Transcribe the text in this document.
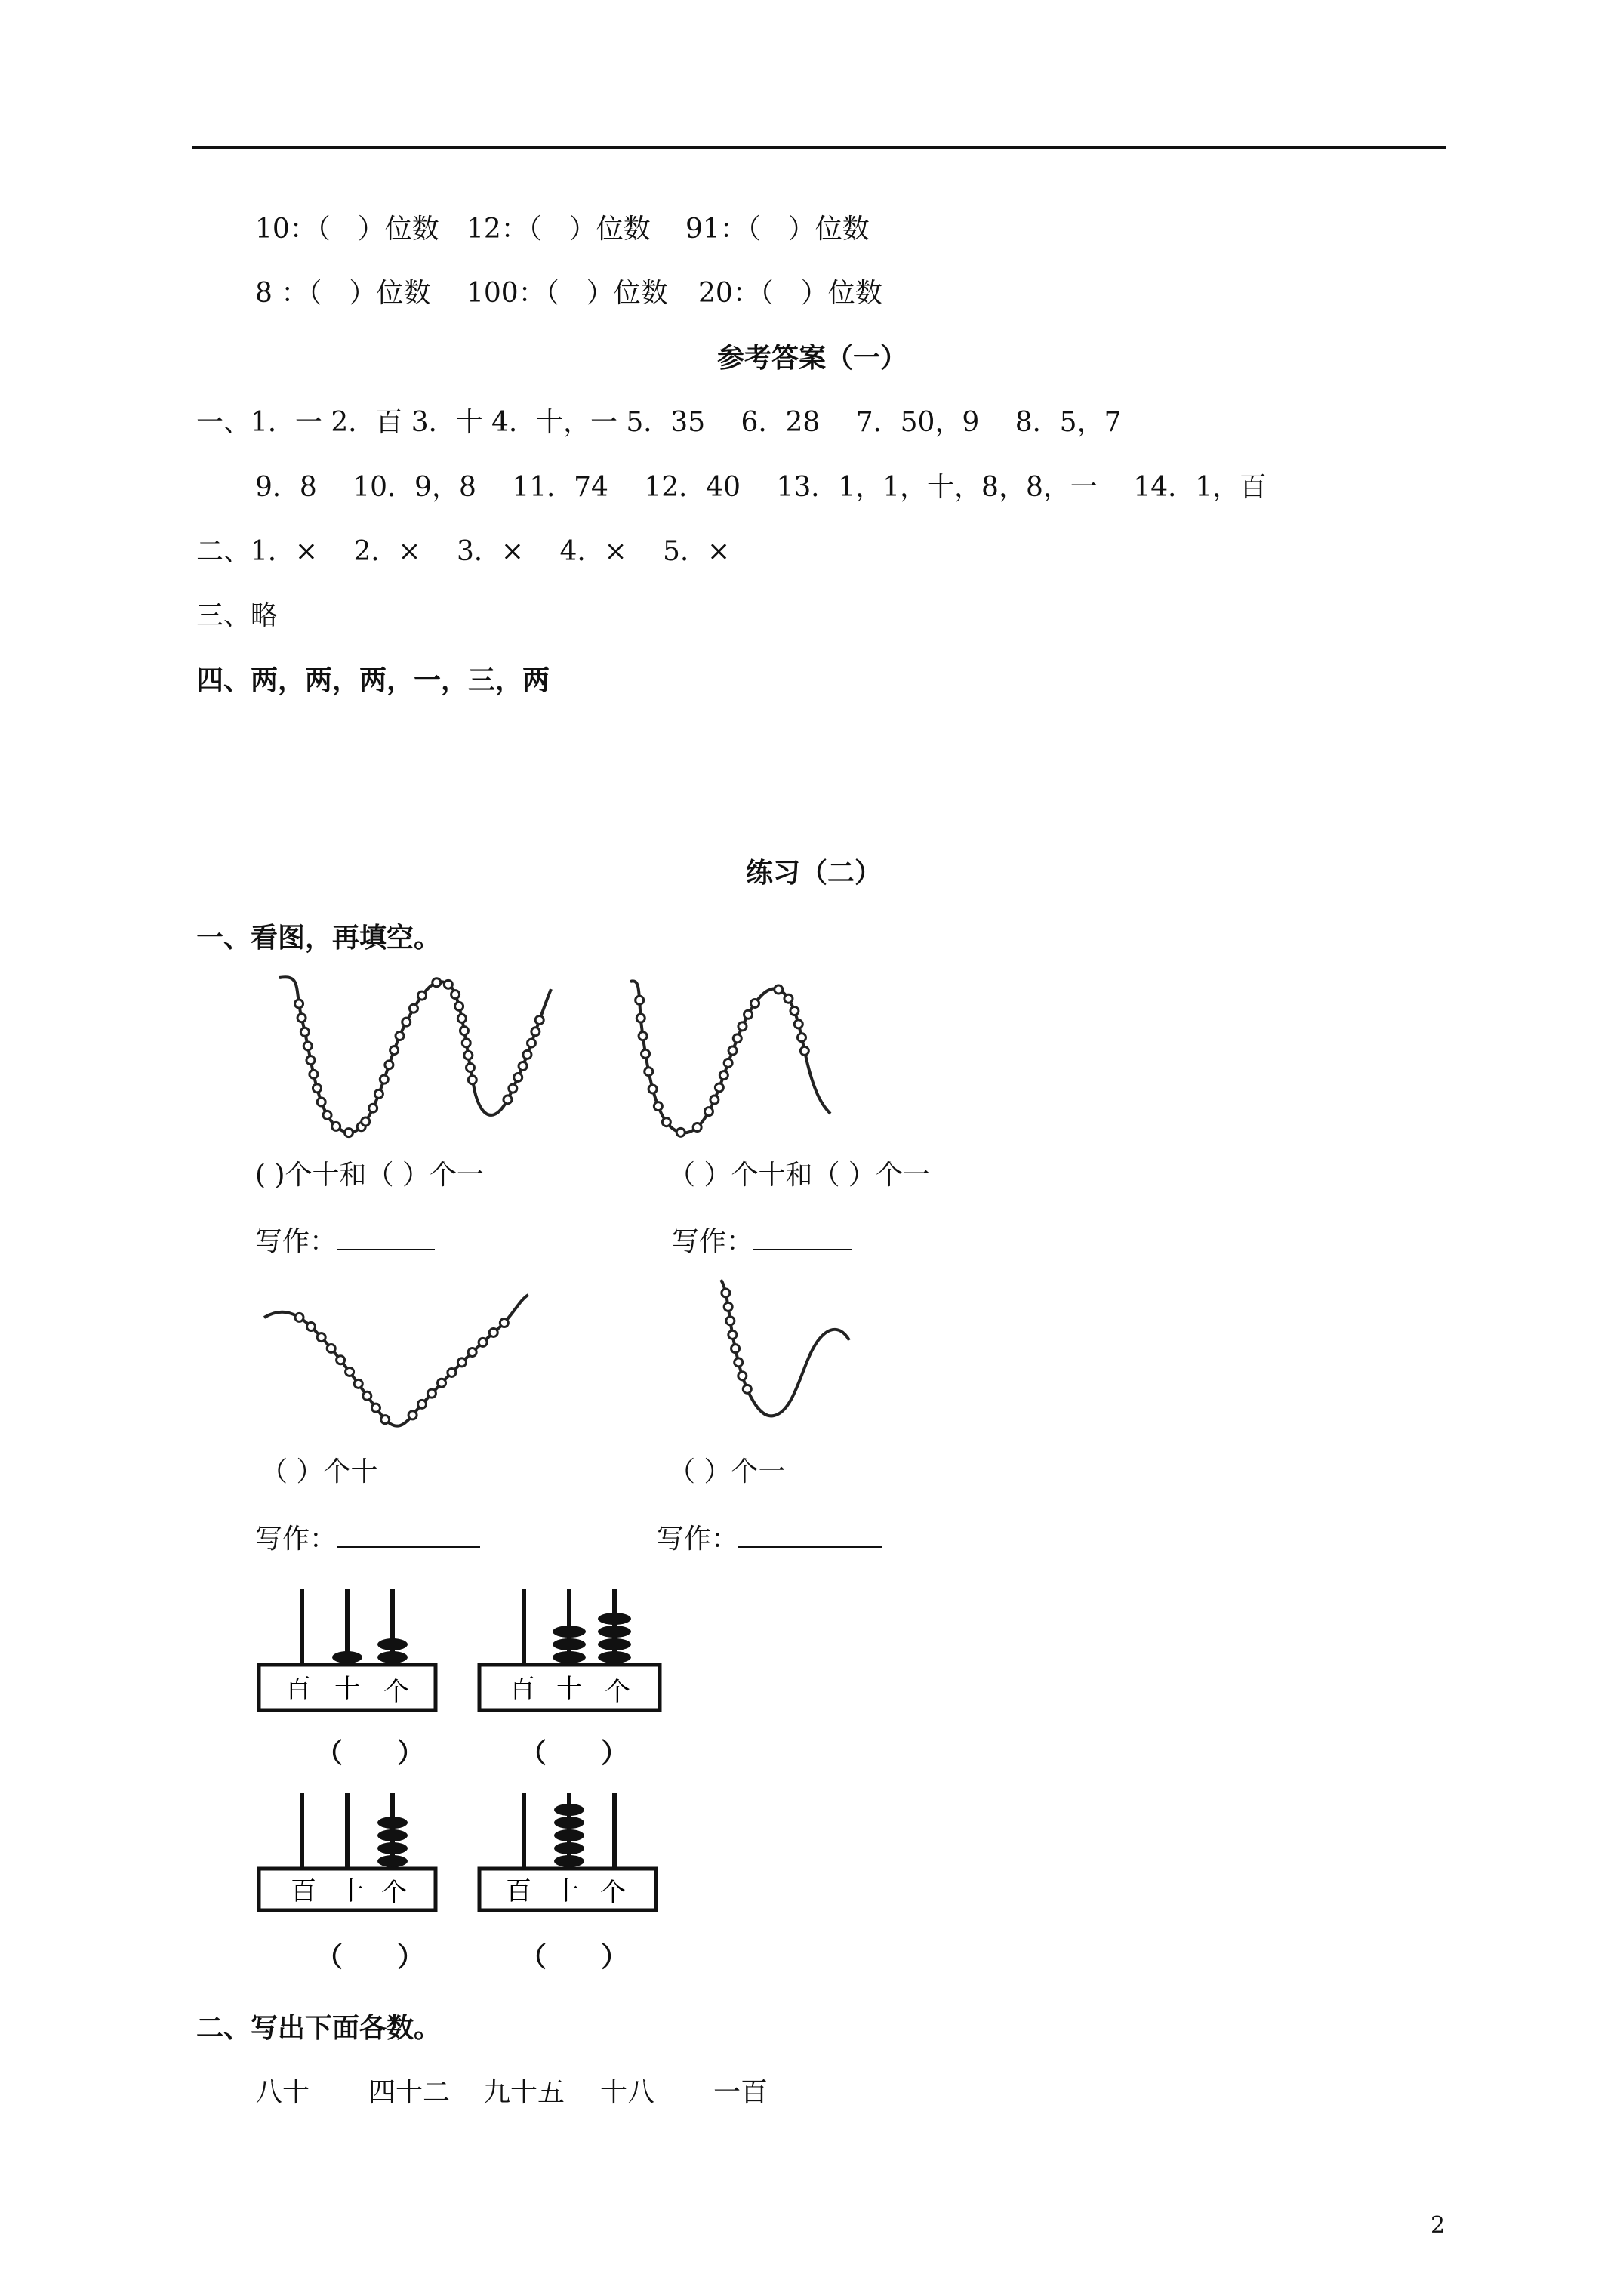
10：（　）位数 12：（　）位数 91：（　）位数
8 ：（　）位数 100：（　）位数 20：（　）位数
参考答案（一）
一、1．一 2．百 3．十 4．十，一 5．35　 6．28　 7．50，9　 8．5，7
9．8　 10．9，8　 11．74　 12．40　 13．1，1，十，8，8，一　 14．1，百
二、1．×　 2．×　 3．×　 4．×　 5．×
三、略
四、两，两，两，一，三，两
练习（二）
一、看图，再填空。
( )个十和（ ）个一	（ ）个十和（ ）个一
写作：	写作：
（ ）个十	（ ）个一
写作：	写作：
百 十 个	百 十 个
（　　）	（　　）
百 十 个	百 十 个
（　　）	（　　）
二、写出下面各数。
八十 四十二 九十五 十八 一百
2
